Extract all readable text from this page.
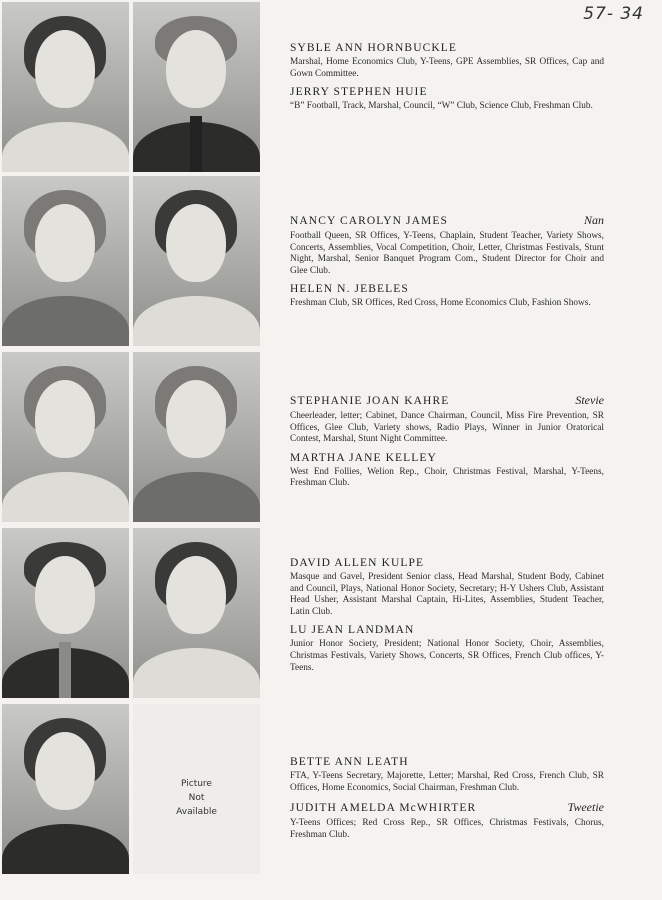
57- 34
Picture
Not
Available
SYBLE ANN HORNBUCKLE
Marshal, Home Economics Club, Y-Teens, GPE Assemblies, SR Offices, Cap and Gown Committee.
JERRY STEPHEN HUIE
“B” Football, Track, Marshal, Council, “W” Club, Science Club, Freshman Club.
NANCY CAROLYN JAMES	Nan
Football Queen, SR Offices, Y-Teens, Chaplain, Student Teacher, Variety Shows, Concerts, Assemblies, Vocal Competition, Choir, Letter, Christmas Festivals, Stunt Night, Marshal, Senior Banquet Program Com., Student Director for Choir and Glee Club.
HELEN N. JEBELES
Freshman Club, SR Offices, Red Cross, Home Economics Club, Fashion Shows.
STEPHANIE JOAN KAHRE	Stevie
Cheerleader, letter; Cabinet, Dance Chairman, Council, Miss Fire Prevention, SR Offices, Glee Club, Variety shows, Radio Plays, Winner in Junior Oratorical Contest, Marshal, Stunt Night Committee.
MARTHA JANE KELLEY
West End Follies, Welion Rep., Choir, Christmas Festival, Marshal, Y-Teens, Freshman Club.
DAVID ALLEN KULPE
Masque and Gavel, President Senior class, Head Marshal, Student Body, Cabinet and Council, Plays, National Honor Society, Secretary; H-Y Ushers Club, Assistant Head Usher, Assistant Marshal Captain, Hi-Lites, Assemblies, Student Teacher, Latin Club.
LU JEAN LANDMAN
Junior Honor Society, President; National Honor Society, Choir, Assemblies, Christmas Festivals, Variety Shows, Concerts, SR Offices, French Club offices, Y-Teens.
BETTE ANN LEATH
FTA, Y-Teens Secretary, Majorette, Letter; Marshal, Red Cross, French Club, SR Offices, Home Economics, Social Chairman, Freshman Club.
JUDITH AMELDA McWHIRTER	Tweetie
Y-Teens Offices; Red Cross Rep., SR Offices, Christmas Festivals, Chorus, Freshman Club.
